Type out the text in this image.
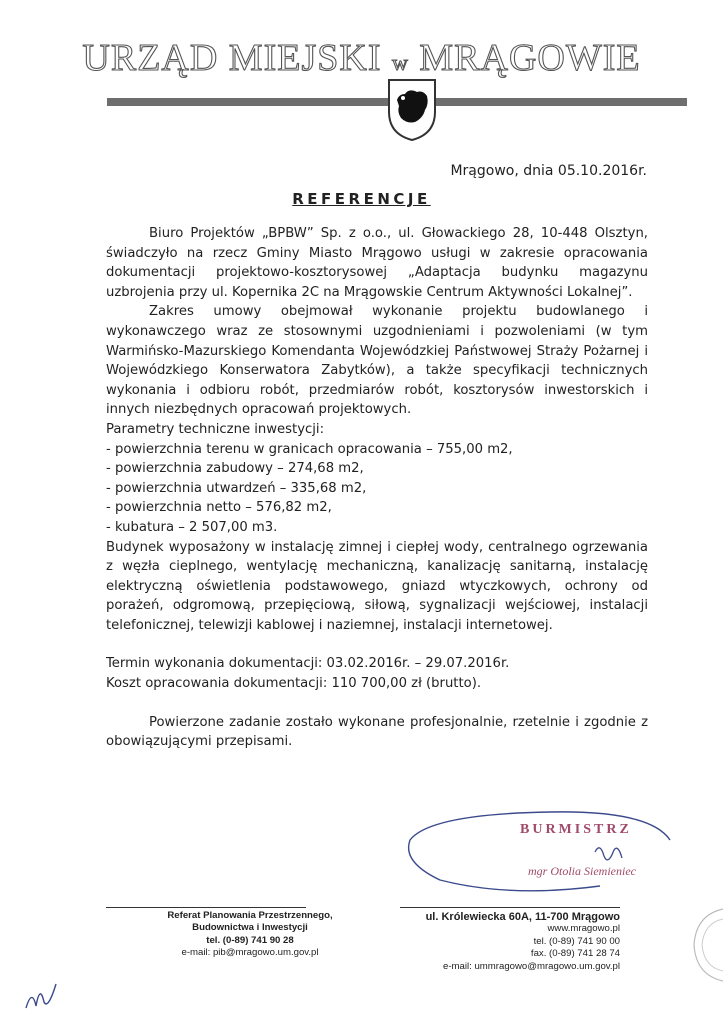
URZĄD MIEJSKI w MRĄGOWIE
Mrągowo, dnia 05.10.2016r.
REFERENCJE

Biuro Projektów „BPBW” Sp. z o.o., ul. Głowackiego 28, 10-448 Olsztyn, świadczyło na rzecz Gminy Miasto Mrągowo usługi w zakresie opracowania dokumentacji projektowo-kosztorysowej „Adaptacja budynku magazynu uzbrojenia przy ul. Kopernika 2C na Mrągowskie Centrum Aktywności Lokalnej”.

Zakres umowy obejmował wykonanie projektu budowlanego i wykonawczego wraz ze stosownymi uzgodnieniami i pozwoleniami (w tym Warmińsko-Mazurskiego Komendanta Wojewódzkiej Państwowej Straży Pożarnej i Wojewódzkiego Konserwatora Zabytków), a także specyfikacji technicznych wykonania i odbioru robót, przedmiarów robót, kosztorysów inwestorskich i innych niezbędnych opracowań projektowych.

Parametry techniczne inwestycji:

- powierzchnia terenu w granicach opracowania – 755,00 m2,

- powierzchnia zabudowy – 274,68 m2,

- powierzchnia utwardzeń – 335,68 m2,

- powierzchnia netto – 576,82 m2,

- kubatura – 2 507,00 m3.

Budynek wyposażony w instalację zimnej i ciepłej wody, centralnego ogrzewania z węzła cieplnego, wentylację mechaniczną, kanalizację sanitarną, instalację elektryczną oświetlenia podstawowego, gniazd wtyczkowych, ochrony od porażeń, odgromową, przepięciową, siłową, sygnalizacji wejściowej, instalacji telefonicznej, telewizji kablowej i naziemnej, instalacji internetowej.

Termin wykonania dokumentacji: 03.02.2016r. – 29.07.2016r.

Koszt opracowania dokumentacji: 110 700,00 zł (brutto).

Powierzone zadanie zostało wykonane profesjonalnie, rzetelnie i zgodnie z obowiązującymi przepisami.

BURMISTRZ
mgr Otolia Siemieniec
Referat Planowania Przestrzennego,
Budownictwa i Inwestycji
tel. (0-89) 741 90 28
e-mail: pib@mragowo.um.gov.pl
ul. Królewiecka 60A, 11-700 Mrągowo
www.mragowo.pl
tel. (0-89) 741 90 00
fax. (0-89) 741 28 74
e-mail: ummragowo@mragowo.um.gov.pl
